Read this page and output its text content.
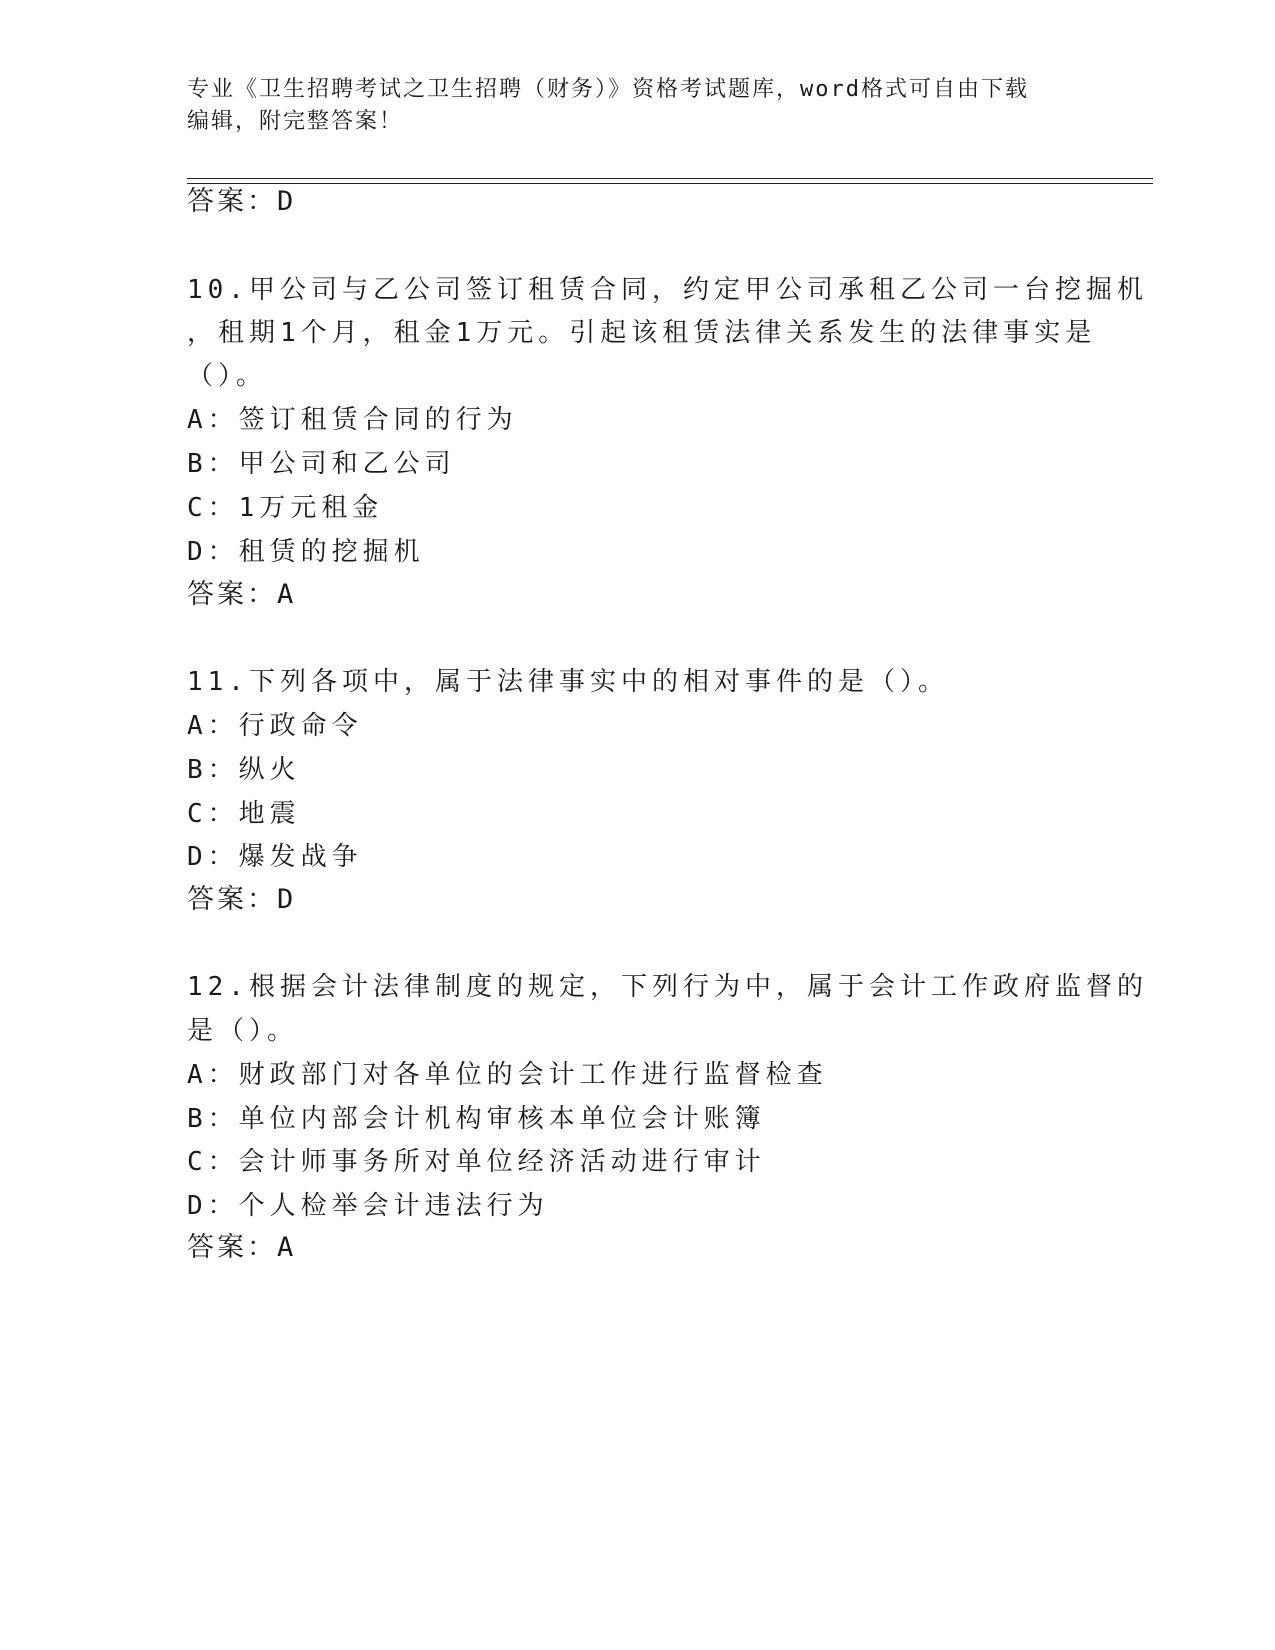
专业《卫生招聘考试之卫生招聘（财务）》资格考试题库，word格式可自由下载
编辑，附完整答案！
答案：D
10.甲公司与乙公司签订租赁合同，约定甲公司承租乙公司一台挖掘机
，租期1个月，租金1万元。引起该租赁法律关系发生的法律事实是
（）。
A：签订租赁合同的行为
B：甲公司和乙公司
C：1万元租金
D：租赁的挖掘机
答案：A
11.下列各项中，属于法律事实中的相对事件的是（）。
A：行政命令
B：纵火
C：地震
D：爆发战争
答案：D
12.根据会计法律制度的规定，下列行为中，属于会计工作政府监督的
是（）。
A：财政部门对各单位的会计工作进行监督检查
B：单位内部会计机构审核本单位会计账簿
C：会计师事务所对单位经济活动进行审计
D：个人检举会计违法行为
答案：A
